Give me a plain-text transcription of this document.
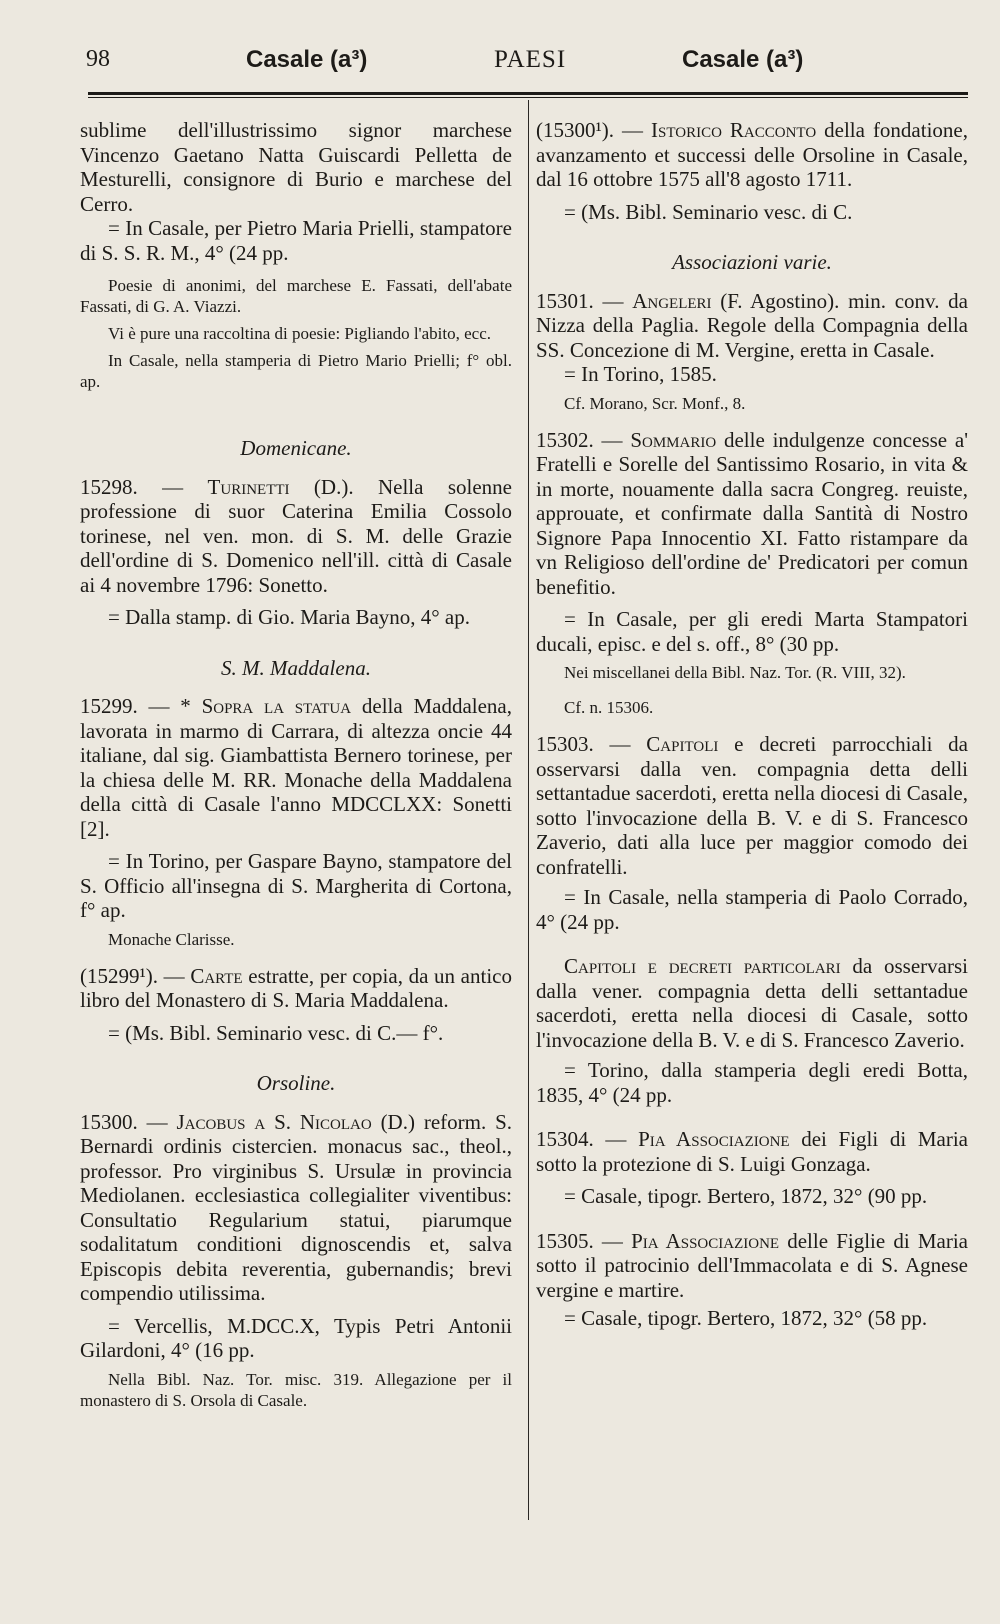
98	Casale (a³)	PAESI	Casale (a³)

sublime dell'illustrissimo signor marchese Vincenzo Gaetano Natta Guiscardi Pelletta de Mesturelli, consignore di Burio e marchese del Cerro.

= In Casale, per Pietro Maria Prielli, stampatore di S. S. R. M., 4° (24 pp.

Poesie di anonimi, del marchese E. Fassati, dell'abate Fassati, di G. A. Viazzi.

Vi è pure una raccoltina di poesie: Pigliando l'abito, ecc.

In Casale, nella stamperia di Pietro Mario Prielli; f° obl. ap.

Domenicane.

15298. — Turinetti (D.). Nella solenne professione di suor Caterina Emilia Cossolo torinese, nel ven. mon. di S. M. delle Grazie dell'ordine di S. Domenico nell'ill. città di Casale ai 4 novembre 1796: Sonetto.

= Dalla stamp. di Gio. Maria Bayno, 4° ap.

S. M. Maddalena.

15299. — * Sopra la statua della Maddalena, lavorata in marmo di Carrara, di altezza oncie 44 italiane, dal sig. Giambattista Bernero torinese, per la chiesa delle M. RR. Monache della Maddalena della città di Casale l'anno MDCCLXX: Sonetti [2].

= In Torino, per Gaspare Bayno, stampatore del S. Officio all'insegna di S. Margherita di Cortona, f° ap.

Monache Clarisse.

(15299¹). — Carte estratte, per copia, da un antico libro del Monastero di S. Maria Maddalena.

= (Ms. Bibl. Seminario vesc. di C.— f°.

Orsoline.

15300. — Jacobus a S. Nicolao (D.) reform. S. Bernardi ordinis cistercien. monacus sac., theol., professor. Pro virginibus S. Ursulæ in provincia Mediolanen. ecclesiastica collegialiter viventibus: Consultatio Regularium statui, piarumque sodalitatum conditioni dignoscendis et, salva Episcopis debita reverentia, gubernandis; brevi compendio utilissima.

= Vercellis, M.DCC.X, Typis Petri Antonii Gilardoni, 4° (16 pp.

Nella Bibl. Naz. Tor. misc. 319. Allegazione per il monastero di S. Orsola di Casale.

(15300¹). — Istorico Racconto della fondatione, avanzamento et successi delle Orsoline in Casale, dal 16 ottobre 1575 all'8 agosto 1711.

= (Ms. Bibl. Seminario vesc. di C.

Associazioni varie.

15301. — Angeleri (F. Agostino). min. conv. da Nizza della Paglia. Regole della Compagnia della SS. Concezione di M. Vergine, eretta in Casale.

= In Torino, 1585.

Cf. Morano, Scr. Monf., 8.

15302. — Sommario delle indulgenze concesse a' Fratelli e Sorelle del Santissimo Rosario, in vita & in morte, nouamente dalla sacra Congreg. reuiste, approuate, et confirmate dalla Santità di Nostro Signore Papa Innocentio XI. Fatto ristampare da vn Religioso dell'ordine de' Predicatori per comun benefitio.

= In Casale, per gli eredi Marta Stampatori ducali, episc. e del s. off., 8° (30 pp.

Nei miscellanei della Bibl. Naz. Tor. (R. VIII, 32).

Cf. n. 15306.

15303. — Capitoli e decreti parrocchiali da osservarsi dalla ven. compagnia detta delli settantadue sacerdoti, eretta nella diocesi di Casale, sotto l'invocazione della B. V. e di S. Francesco Zaverio, dati alla luce per maggior comodo dei confratelli.

= In Casale, nella stamperia di Paolo Corrado, 4° (24 pp.

Capitoli e decreti particolari da osservarsi dalla vener. compagnia detta delli settantadue sacerdoti, eretta nella diocesi di Casale, sotto l'invocazione della B. V. e di S. Francesco Zaverio.

= Torino, dalla stamperia degli eredi Botta, 1835, 4° (24 pp.

15304. — Pia Associazione dei Figli di Maria sotto la protezione di S. Luigi Gonzaga.

= Casale, tipogr. Bertero, 1872, 32° (90 pp.

15305. — Pia Associazione delle Figlie di Maria sotto il patrocinio dell'Immacolata e di S. Agnese vergine e martire.

= Casale, tipogr. Bertero, 1872, 32° (58 pp.
